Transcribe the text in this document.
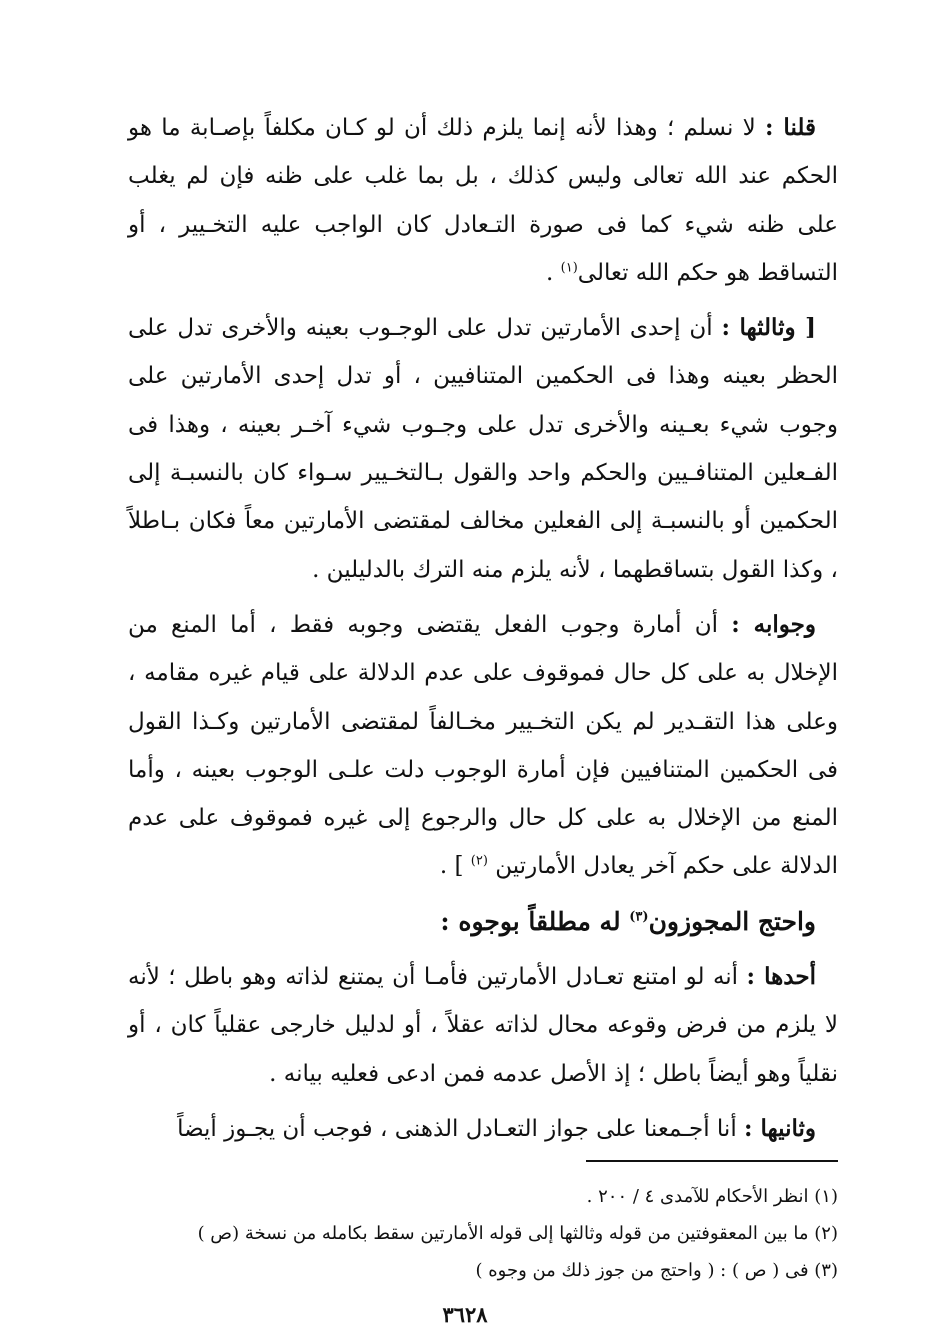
قلنا : لا نسلم ؛ وهذا لأنه إنما يلزم ذلك أن لو كـان مكلفاً بإصـابة ما هو الحكم عند الله تعالى وليس كذلك ، بل بما غلب على ظنه فإن لم يغلب على ظنه شيء كما فى صورة التـعادل كان الواجب عليه التخـيير ، أو التساقط هو حكم الله تعالى$^{(١)}$ .

[ وثالثها : أن إحدى الأمارتين تدل على الوجـوب بعينه والأخرى تدل على الحظر بعينه وهذا فى الحكمين المتنافيين ، أو تدل إحدى الأمارتين على وجوب شيء بعـينه والأخرى تدل على وجـوب شيء آخـر بعينه ، وهذا فى الفـعلين المتنافـيين والحكم واحد والقول بـالتخـيير سـواء كان بالنسبـة إلى الحكمين أو بالنسبـة إلى الفعلين مخالف لمقتضى الأمارتين معاً فكان بـاطلاً ، وكذا القول بتساقطهما ، لأنه يلزم منه الترك بالدليلين .

وجوابه : أن أمارة وجوب الفعل يقتضى وجوبه فقط ، أما المنع من الإخلال به على كل حال فموقوف على عدم الدلالة على قيام غيره مقامه ، وعلى هذا التقـدير لم يكن التخـيير مخـالفاً لمقتضى الأمارتين وكـذا القول فى الحكمين المتنافيين فإن أمارة الوجوب دلت علـى الوجوب بعينه ، وأما المنع من الإخلال به على كل حال والرجوع إلى غيره فموقوف على عدم الدلالة على حكم آخر يعادل الأمارتين $^{(٢)}$ ] .

واحتج المجوزون$^{(٣)}$ له مطلقاً بوجوه :

أحدها : أنه لو امتنع تعـادل الأمارتين فأمـا أن يمتنع لذاته وهو باطل ؛ لأنه لا يلزم من فرض وقوعه محال لذاته عقلاً ، أو لدليل خارجى عقلياً كان ، أو نقلياً وهو أيضاً باطل ؛ إذ الأصل عدمه فمن ادعى فعليه بيانه .

وثانيها : أنا أجـمعنا على جواز التعـادل الذهنى ، فوجب أن يجـوز أيضاً

(١) انظر الأحكام للآمدى ٤ / ٢٠٠ .
(٢) ما بين المعقوفتين من قوله وثالثها إلى قوله الأمارتين سقط بكامله من نسخة (ص )
(٣) فى ( ص ) : ( واحتج من جوز ذلك من وجوه )
٣٦٢٨
